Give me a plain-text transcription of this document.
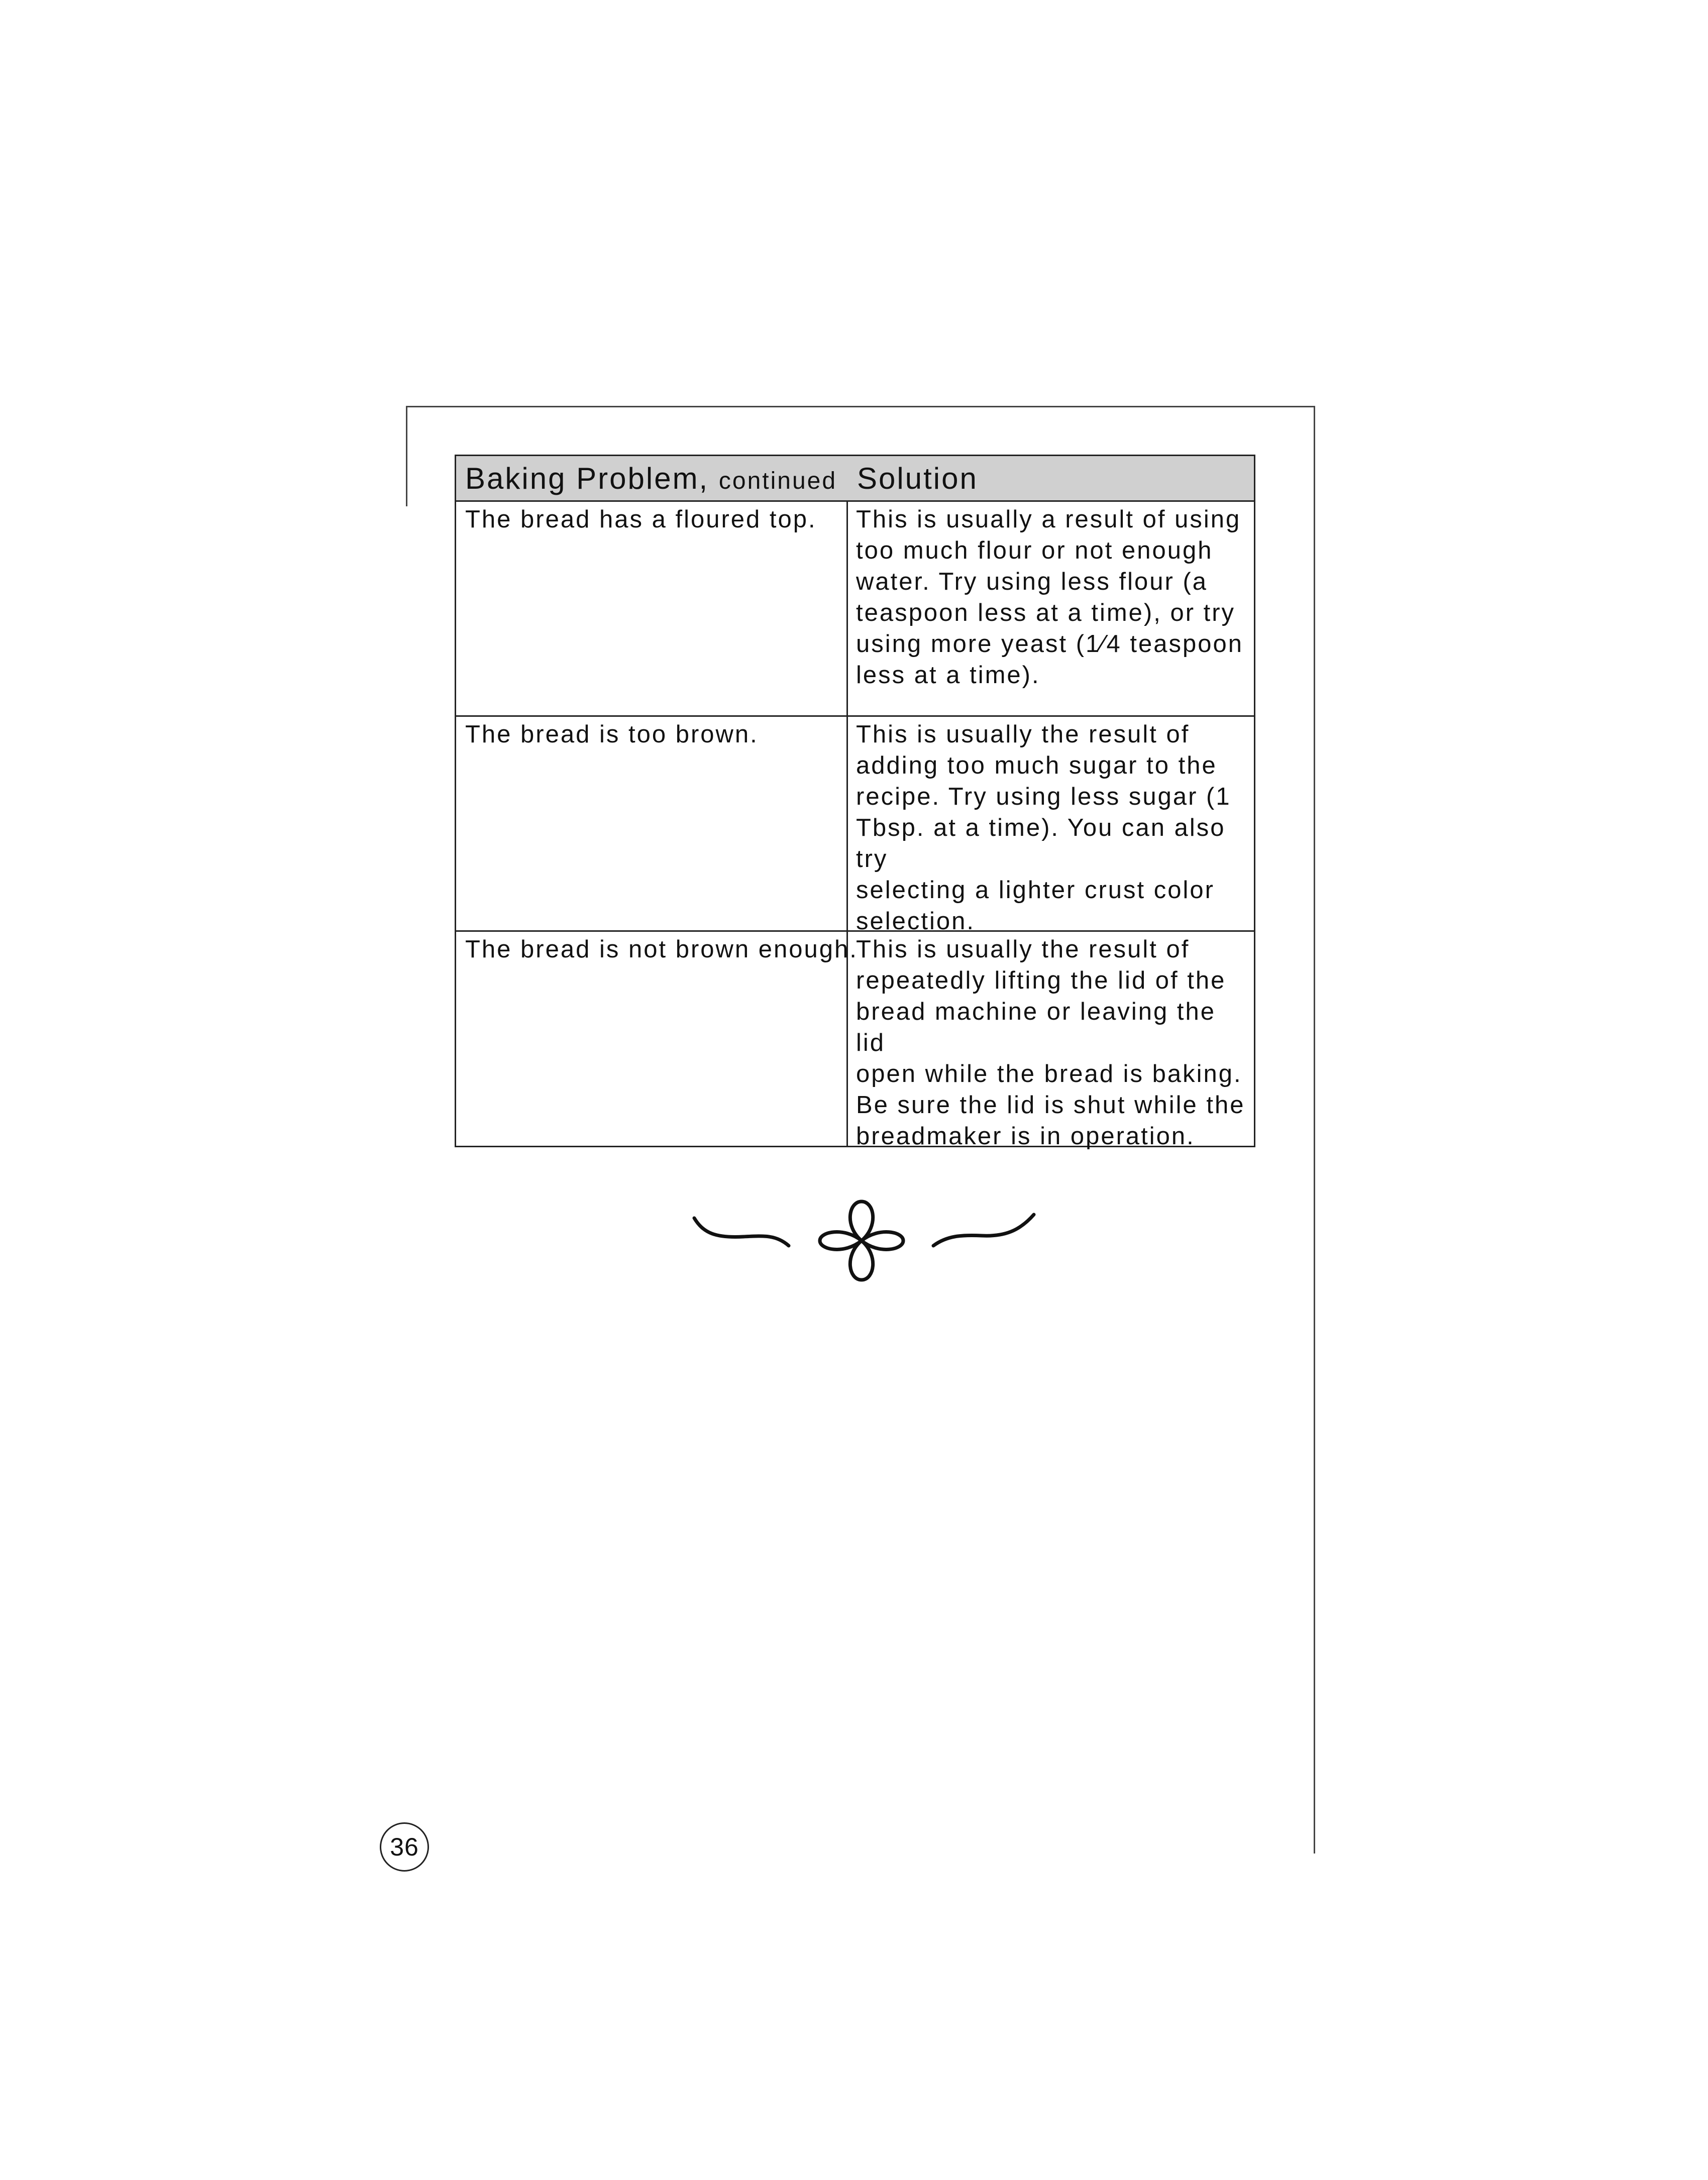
Baking Problem, continued Solution
The bread has a floured top.	This is usually a result of using
too much flour or not enough
water. Try using less flour (a
teaspoon less at a time), or try
using more yeast (1⁄4 teaspoon
less at a time).
The bread is too brown.	This is usually the result of
adding too much sugar to the
recipe. Try using less sugar (1
Tbsp. at a time). You can also try
selecting a lighter crust color
selection.
The bread is not brown enough.
This is usually the result of
repeatedly lifting the lid of the
bread machine or leaving the lid
open while the bread is baking.
Be sure the lid is shut while the
breadmaker is in operation.
36
